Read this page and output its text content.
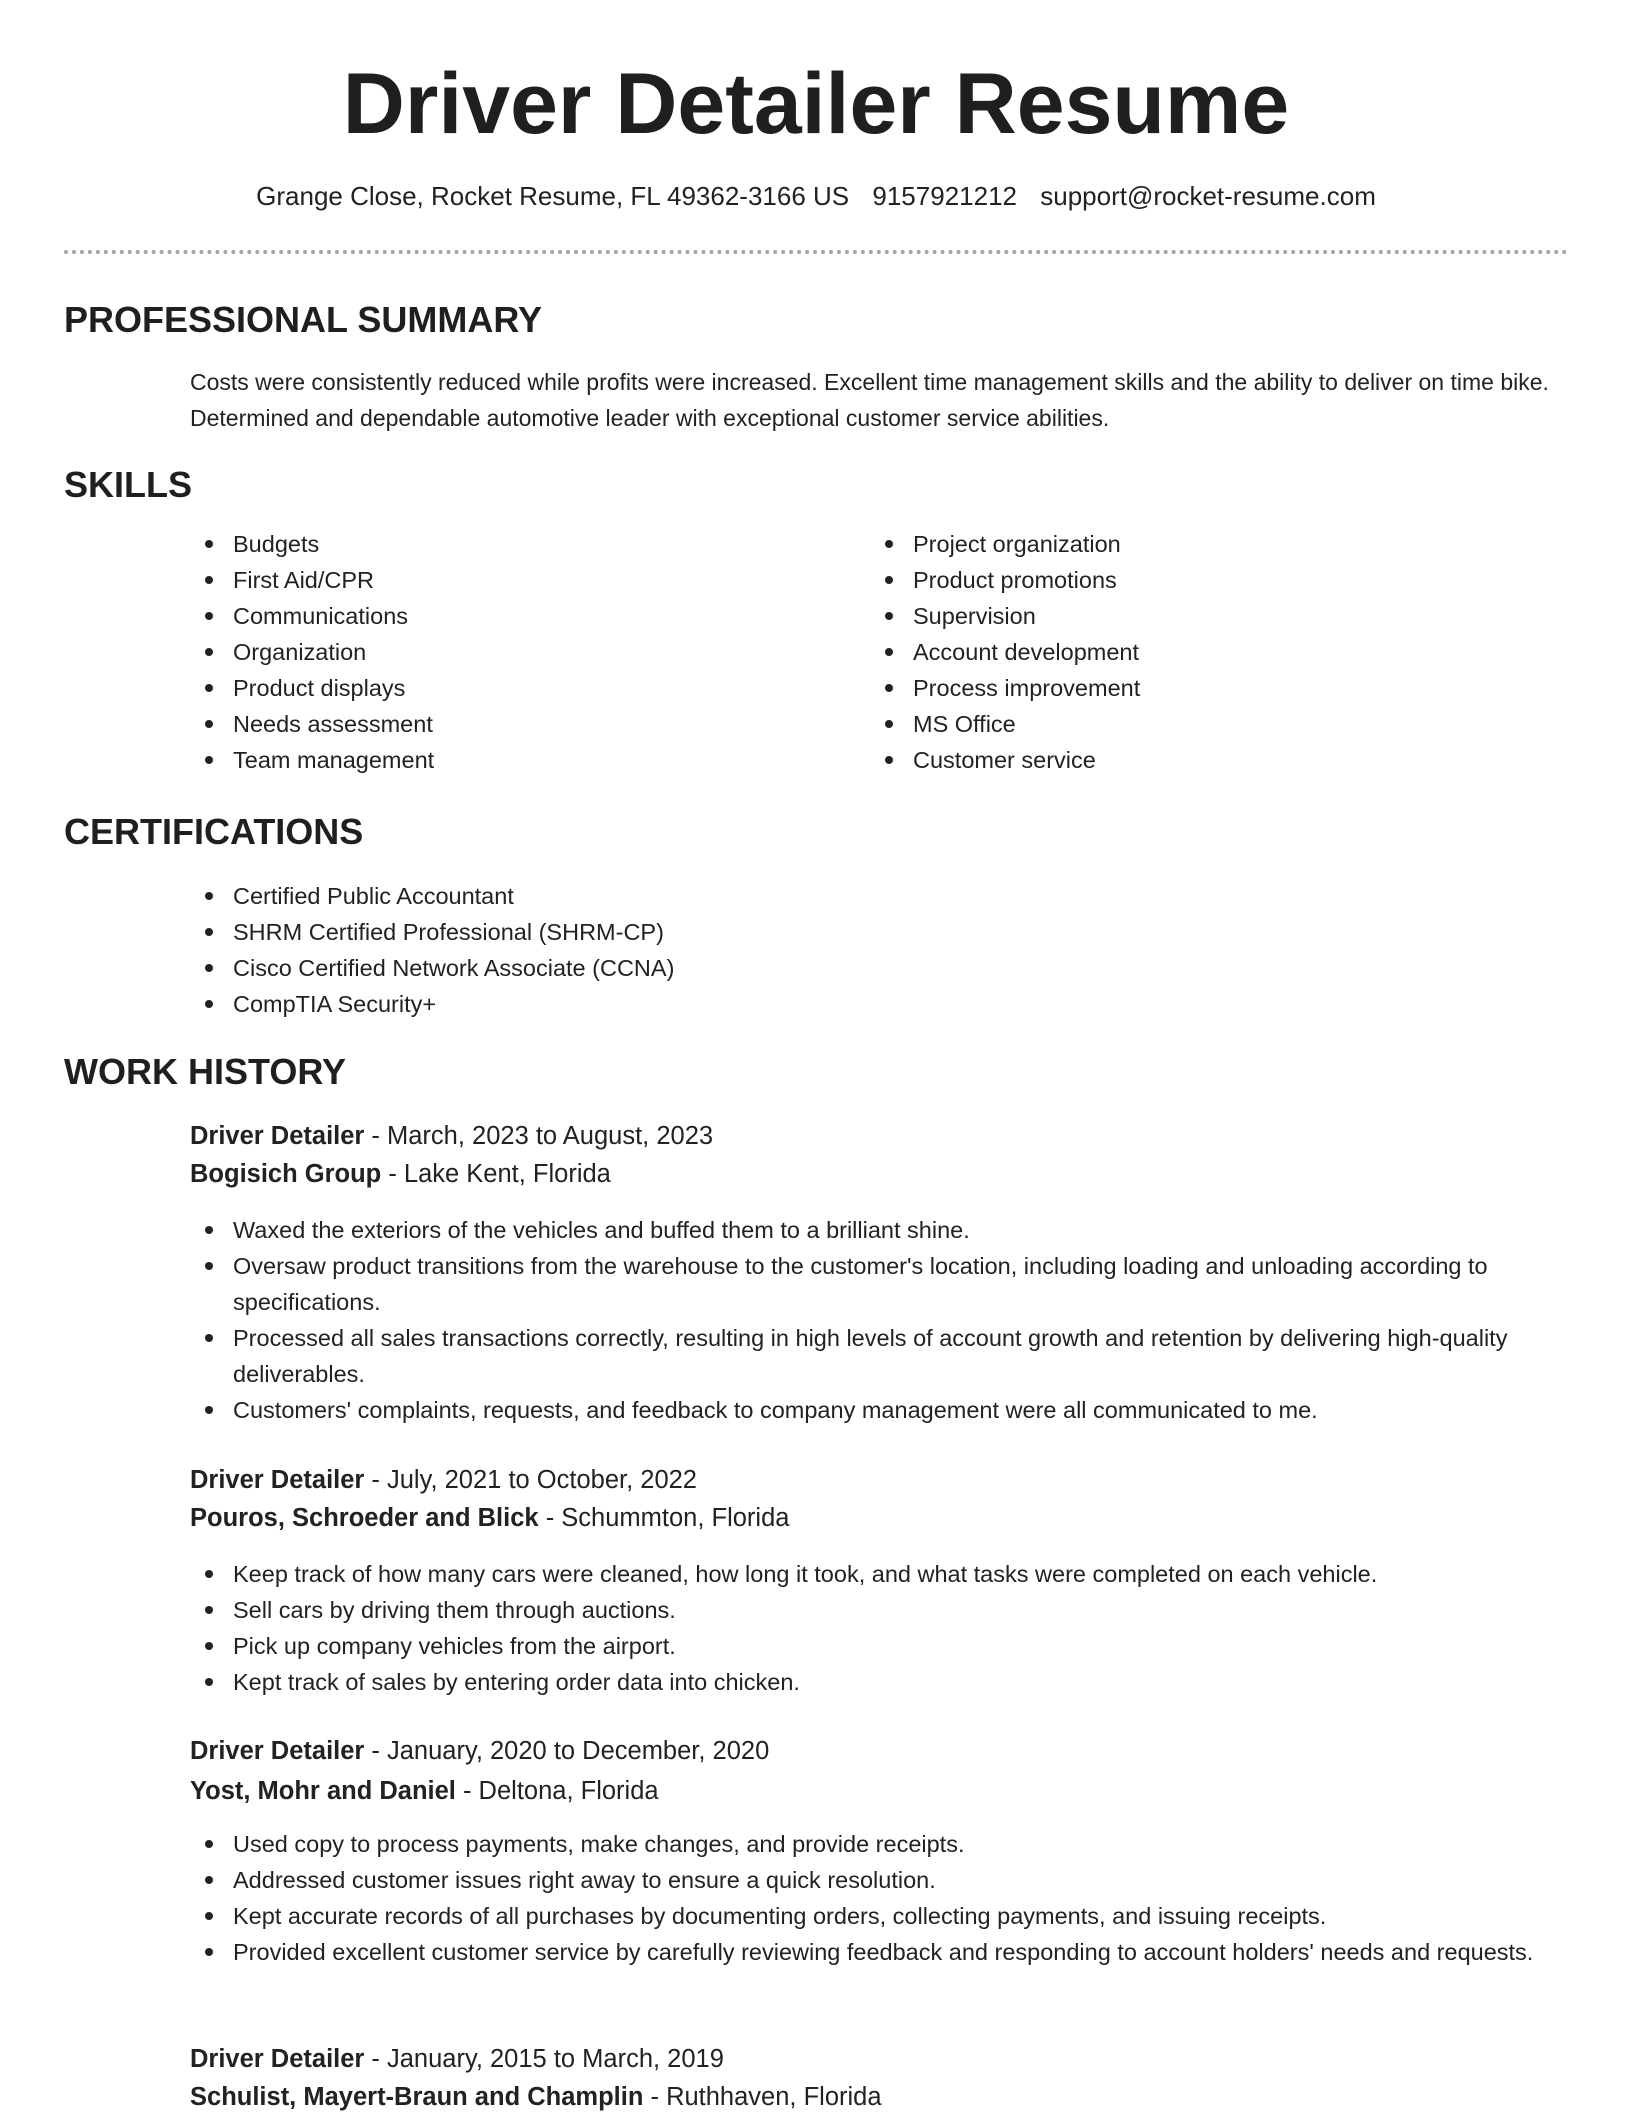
Driver Detailer Resume
Grange Close, Rocket Resume, FL 49362-3166 US 9157921212 support@rocket-resume.com
PROFESSIONAL SUMMARY

Costs were consistently reduced while profits were increased. Excellent time management skills and the ability to deliver on time bike. Determined and dependable automotive leader with exceptional customer service abilities.

SKILLS
Budgets
First Aid/CPR
Communications
Organization
Product displays
Needs assessment
Team management
Project organization
Product promotions
Supervision
Account development
Process improvement
MS Office
Customer service
CERTIFICATIONS
Certified Public Accountant
SHRM Certified Professional (SHRM-CP)
Cisco Certified Network Associate (CCNA)
CompTIA Security+
WORK HISTORY

Driver Detailer - March, 2023 to August, 2023

Bogisich Group - Lake Kent, Florida

Waxed the exteriors of the vehicles and buffed them to a brilliant shine.
Oversaw product transitions from the warehouse to the customer's location, including loading and unloading according to specifications.
Processed all sales transactions correctly, resulting in high levels of account growth and retention by delivering high-quality deliverables.
Customers' complaints, requests, and feedback to company management were all communicated to me.

Driver Detailer - July, 2021 to October, 2022

Pouros, Schroeder and Blick - Schummton, Florida

Keep track of how many cars were cleaned, how long it took, and what tasks were completed on each vehicle.
Sell cars by driving them through auctions.
Pick up company vehicles from the airport.
Kept track of sales by entering order data into chicken.

Driver Detailer - January, 2020 to December, 2020

Yost, Mohr and Daniel - Deltona, Florida

Used copy to process payments, make changes, and provide receipts.
Addressed customer issues right away to ensure a quick resolution.
Kept accurate records of all purchases by documenting orders, collecting payments, and issuing receipts.
Provided excellent customer service by carefully reviewing feedback and responding to account holders' needs and requests.

Driver Detailer - January, 2015 to March, 2019

Schulist, Mayert-Braun and Champlin - Ruthhaven, Florida
